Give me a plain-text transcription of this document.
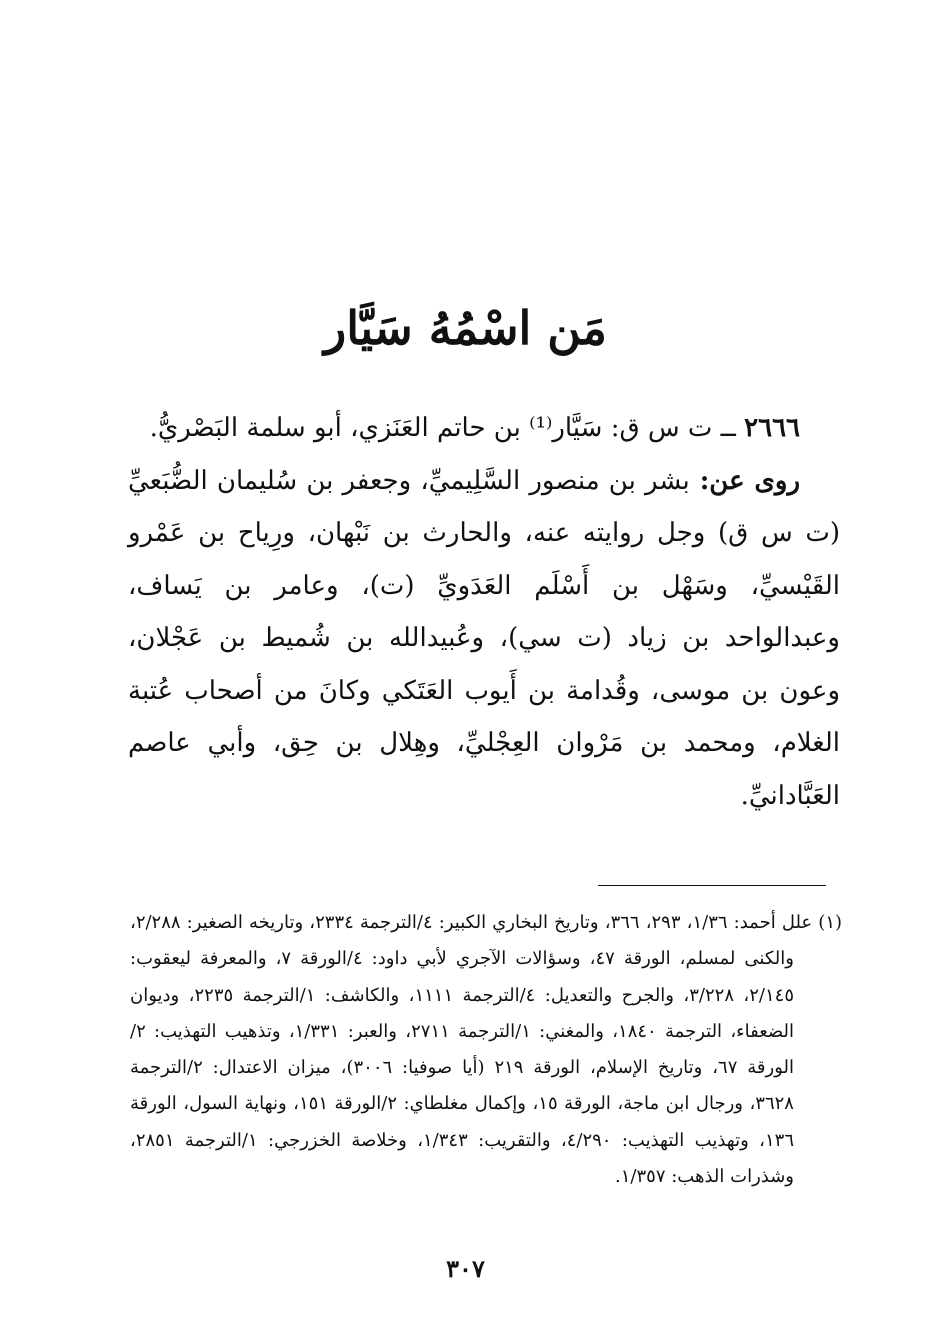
مَن اسْمُهُ سَيَّار

٢٦٦٦ ــ ت س ق: سَيَّار⁽¹⁾ بن حاتم العَنَزي، أبو سلمة البَصْريُّ.

روى عن: بشر بن منصور السَّلِيميِّ، وجعفر بن سُليمان الضُّبَعيِّ (ت س ق) وجل روايته عنه، والحارث بن نَبْهان، ورِياح بن عَمْرو القَيْسيِّ، وسَهْل بن أَسْلَم العَدَويِّ (ت)، وعامر بن يَساف، وعبدالواحد بن زياد (ت سي)، وعُبيدالله بن شُميط بن عَجْلان، وعون بن موسى، وقُدامة بن أَيوب العَتَكي وكانَ من أصحاب عُتبة الغلام، ومحمد بن مَرْوان العِجْليِّ، وهِلال بن حِق، وأبي عاصم العَبَّادانيِّ.

(١) علل أحمد: ١/٣٦، ٢٩٣، ٣٦٦، وتاريخ البخاري الكبير: ٤/الترجمة ٢٣٣٤، وتاريخه الصغير: ٢/٢٨٨، والكنى لمسلم، الورقة ٤٧، وسؤالات الآجري لأبي داود: ٤/الورقة ٧، والمعرفة ليعقوب: ٢/١٤٥، ٣/٢٢٨، والجرح والتعديل: ٤/الترجمة ١١١١، والكاشف: ١/الترجمة ٢٢٣٥، وديوان الضعفاء، الترجمة ١٨٤٠، والمغني: ١/الترجمة ٢٧١١، والعبر: ١/٣٣١، وتذهيب التهذيب: ٢/الورقة ٦٧، وتاريخ الإسلام، الورقة ٢١٩ (أيا صوفيا: ٣٠٠٦)، ميزان الاعتدال: ٢/الترجمة ٣٦٢٨، ورجال ابن ماجة، الورقة ١٥، وإكمال مغلطاي: ٢/الورقة ١٥١، ونهاية السول، الورقة ١٣٦، وتهذيب التهذيب: ٤/٢٩٠، والتقريب: ١/٣٤٣، وخلاصة الخزرجي: ١/الترجمة ٢٨٥١، وشذرات الذهب: ١/٣٥٧.

٣٠٧
